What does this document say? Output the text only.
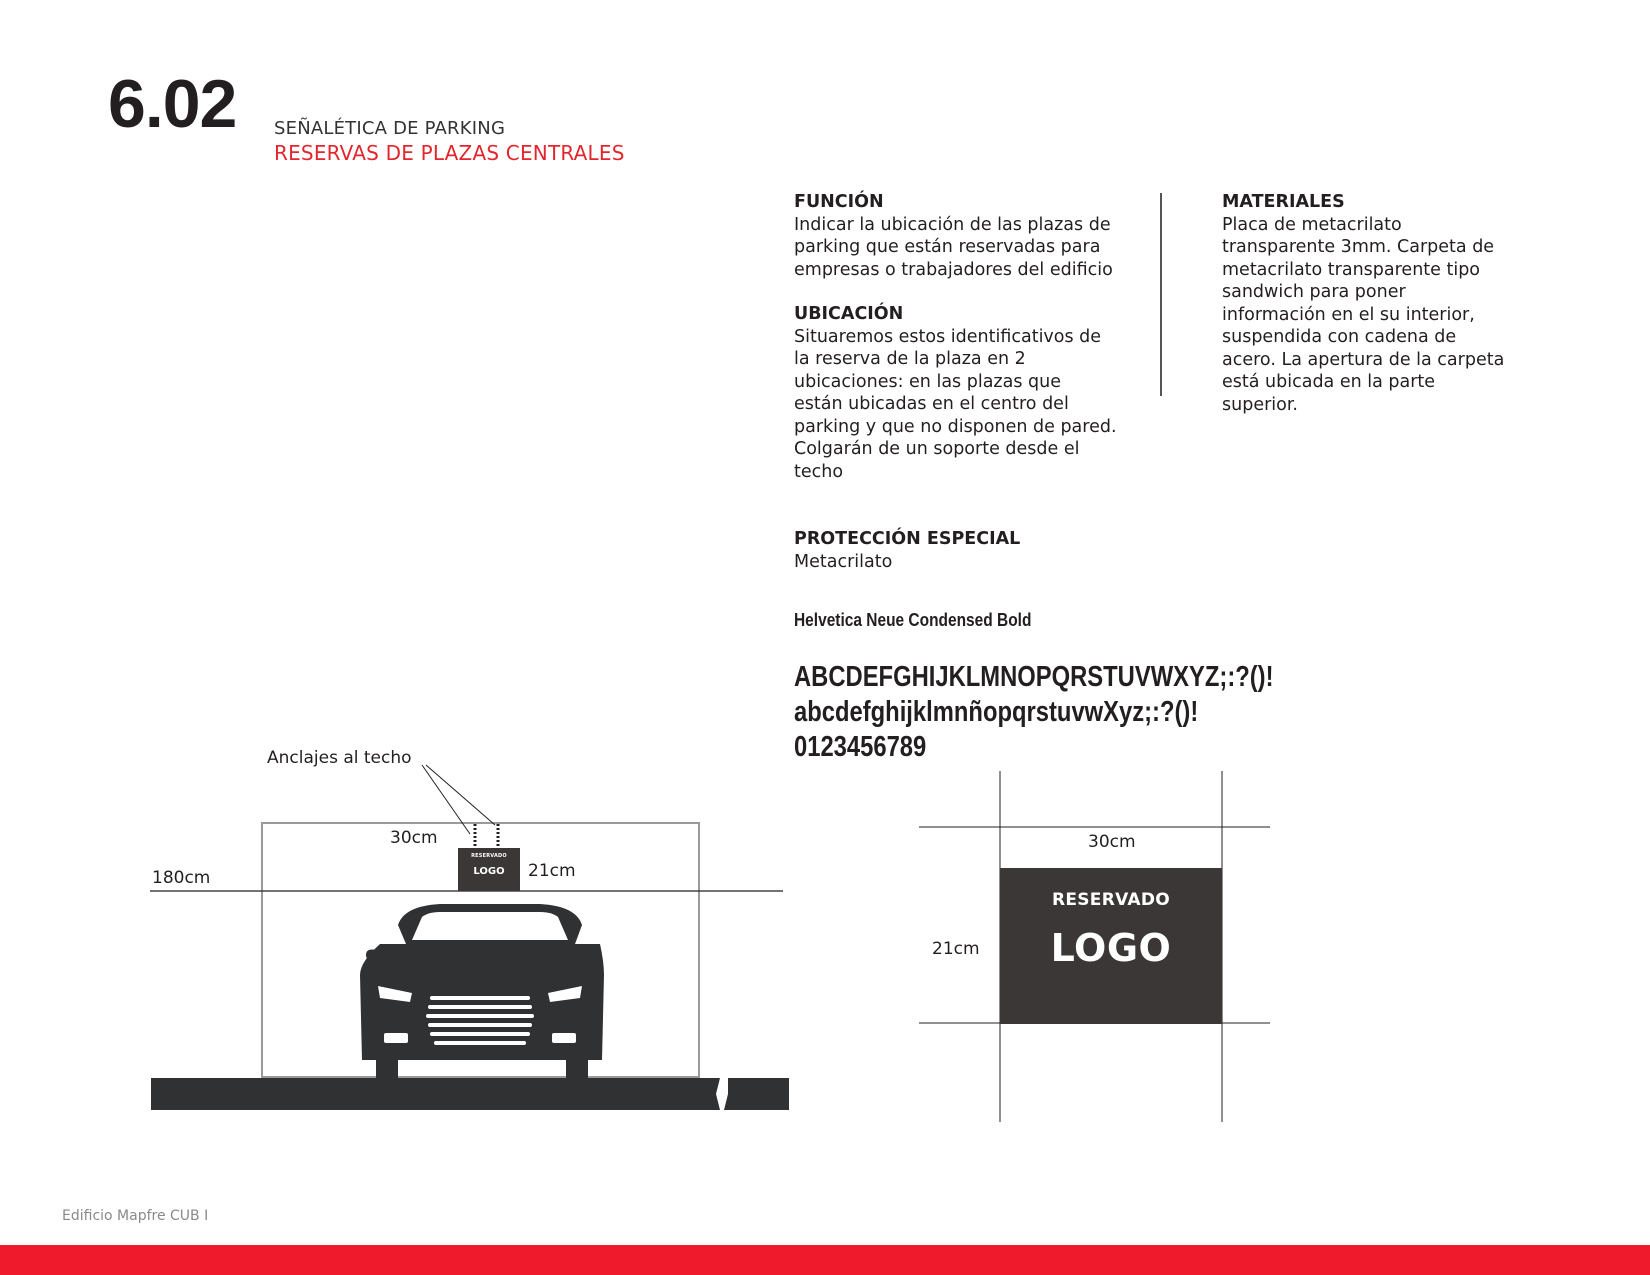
6.02 SEÑALÉTICA DE PARKING
RESERVAS DE PLAZAS CENTRALES
FUNCIÓN
Indicar la ubicación de las plazas de
parking que están reservadas para
empresas o trabajadores del edificio
UBICACIÓN
Situaremos estos identificativos de
la reserva de la plaza en 2
ubicaciones: en las plazas que
están ubicadas en el centro del
parking y que no disponen de pared.
Colgarán de un soporte desde el
techo
MATERIALES
Placa de metacrilato
transparente 3mm. Carpeta de
metacrilato transparente tipo
sandwich para poner
información en el su interior,
suspendida con cadena de
acero. La apertura de la carpeta
está ubicada en la parte
superior.
PROTECCIÓN ESPECIAL
Metacrilato
Helvetica Neue Condensed Bold
ABCDEFGHIJKLMNOPQRSTUVWXYZ;:?()!
abcdefghijklmnñopqrstuvwXyz;:?()!
0123456789
Anclajes al techo
30cm
21cm
180cm
RESERVADO
LOGO
30cm
21cm
RESERVADO
LOGO
Edificio Mapfre CUB I
